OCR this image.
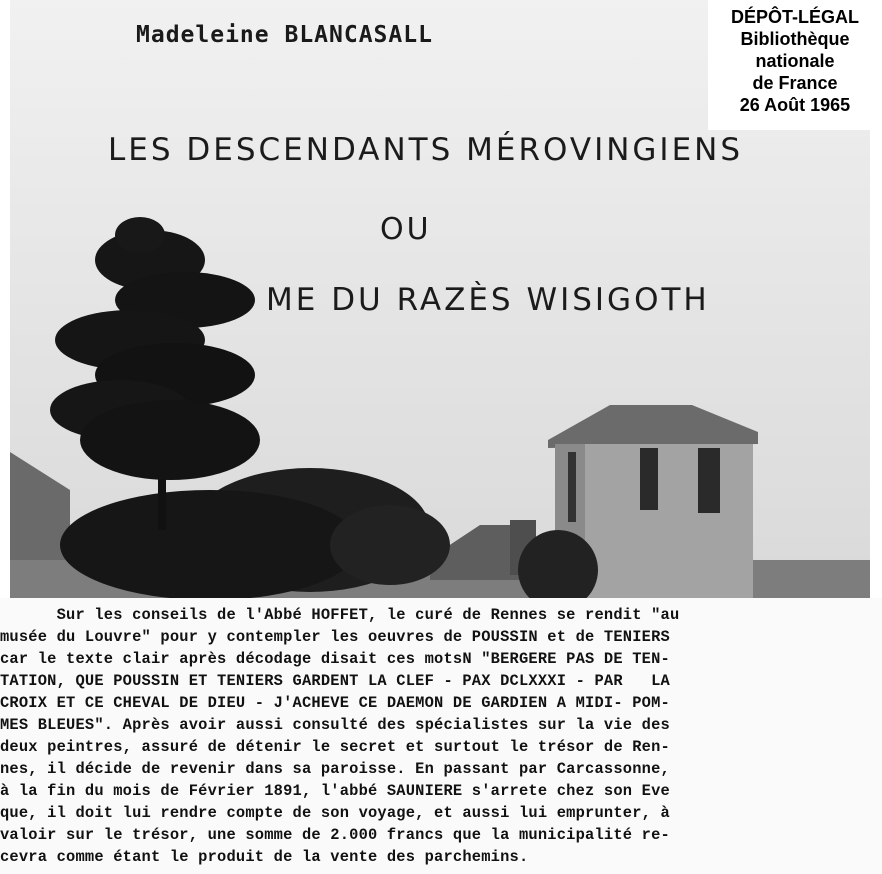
Madeleine BLANCASALL
LES DESCENDANTS MÉROVINGIENS
OU
ME DU RAZÈS WISIGOTH
DÉPÔT-LÉGAL
Bibliothèque
nationale
de France
26 Août 1965
Sur les conseils de l'Abbé HOFFET, le curé de Rennes se rendit "au
musée du Louvre" pour y contempler les oeuvres de POUSSIN et de TENIERS
car le texte clair après décodage disait ces motsN "BERGERE PAS DE TEN-
TATION, QUE POUSSIN ET TENIERS GARDENT LA CLEF - PAX DCLXXXI - PAR   LA
CROIX ET CE CHEVAL DE DIEU - J'ACHEVE CE DAEMON DE GARDIEN A MIDI- POM-
MES BLEUES". Après avoir aussi consulté des spécialistes sur la vie des
deux peintres, assuré de détenir le secret et surtout le trésor de Ren-
nes, il décide de revenir dans sa paroisse. En passant par Carcassonne,
à la fin du mois de Février 1891, l'abbé SAUNIERE s'arrete chez son Eve
que, il doit lui rendre compte de son voyage, et aussi lui emprunter, à
valoir sur le trésor, une somme de 2.000 francs que la municipalité re-
cevra comme étant le produit de la vente des parchemins.
